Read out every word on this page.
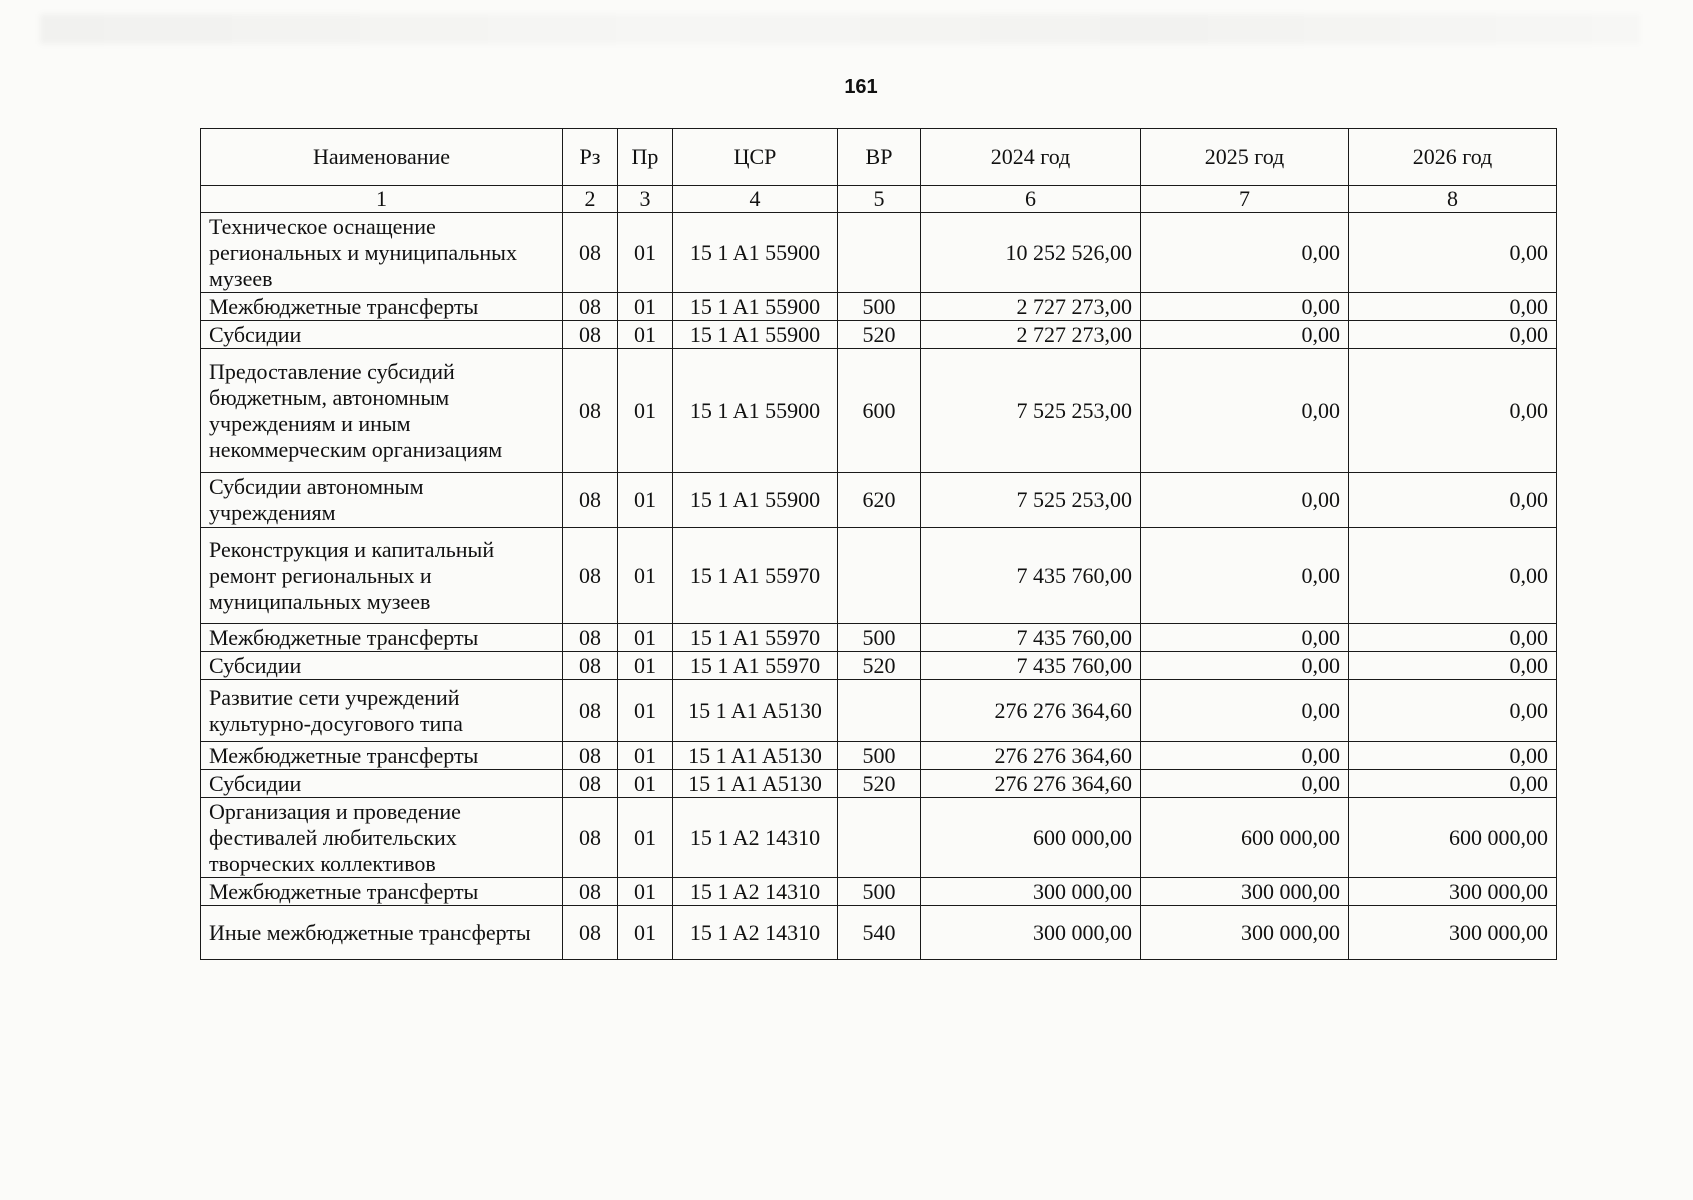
161
Наименование	Рз	Пр	ЦСР	ВР	2024 год	2025 год	2026 год
1	2	3	4	5	6	7	8
Техническое оснащение региональных и муниципальных музеев	08	01	15 1 A1 55900		10 252 526,00	0,00	0,00
Межбюджетные трансферты	08	01	15 1 A1 55900	500	2 727 273,00	0,00	0,00
Субсидии	08	01	15 1 A1 55900	520	2 727 273,00	0,00	0,00
Предоставление субсидий бюджетным, автономным учреждениям и иным некоммерческим организациям	08	01	15 1 A1 55900	600	7 525 253,00	0,00	0,00
Субсидии автономным учреждениям	08	01	15 1 A1 55900	620	7 525 253,00	0,00	0,00
Реконструкция и капитальный ремонт региональных и муниципальных музеев	08	01	15 1 A1 55970		7 435 760,00	0,00	0,00
Межбюджетные трансферты	08	01	15 1 A1 55970	500	7 435 760,00	0,00	0,00
Субсидии	08	01	15 1 A1 55970	520	7 435 760,00	0,00	0,00
Развитие сети учреждений культурно-досугового типа	08	01	15 1 A1 A5130		276 276 364,60	0,00	0,00
Межбюджетные трансферты	08	01	15 1 A1 A5130	500	276 276 364,60	0,00	0,00
Субсидии	08	01	15 1 A1 A5130	520	276 276 364,60	0,00	0,00
Организация и проведение фестивалей любительских творческих коллективов	08	01	15 1 A2 14310		600 000,00	600 000,00	600 000,00
Межбюджетные трансферты	08	01	15 1 A2 14310	500	300 000,00	300 000,00	300 000,00
Иные межбюджетные трансферты	08	01	15 1 A2 14310	540	300 000,00	300 000,00	300 000,00
